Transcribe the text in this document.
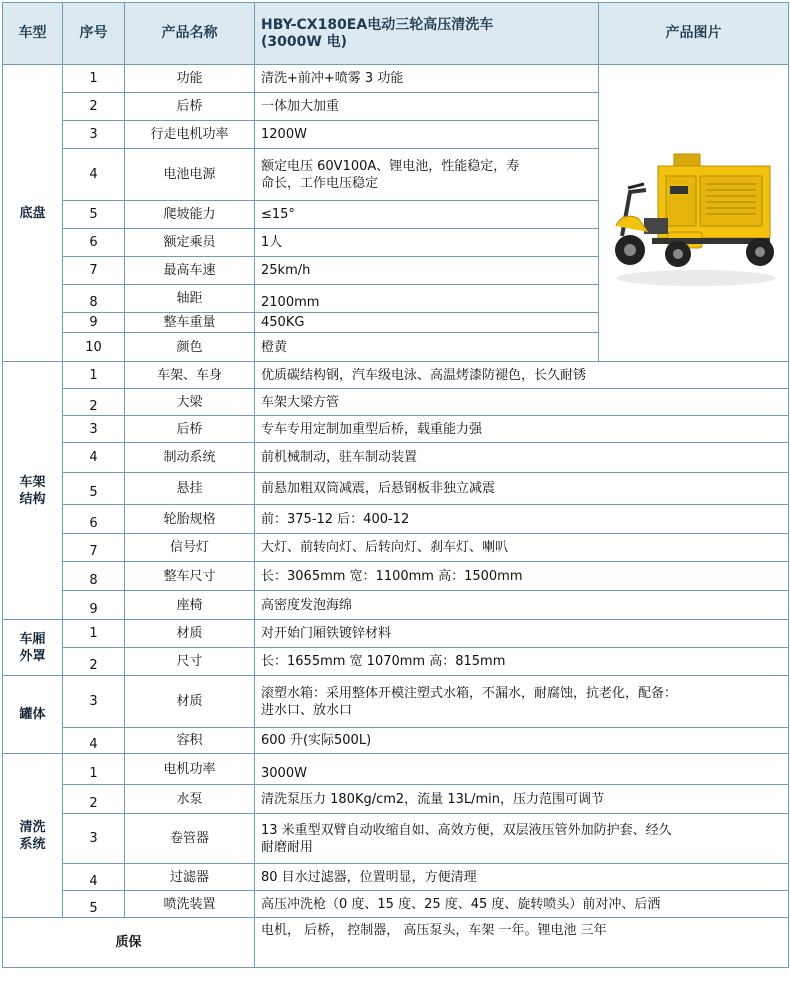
车型	序号	产品名称	HBY-CX180EA电动三轮高压清洗车
(3000W 电)	产品图片
底盘	1	功能	清洗+前冲+喷雾 3 功能	

	2	后桥	一体加大加重	
	3	行走电机功率	1200W	
	4	电池电源	额定电压 60V100A、锂电池，性能稳定，寿
命长，工作电压稳定	
	5	爬坡能力	≤15°	
	6	额定乘员	1人	
	7	最高车速	25km/h	
	8	轴距	2100mm	
	9	整车重量	450KG	
	10	颜色	橙黄	
车架
结构	1	车架、车身	优质碳结构钢，汽车级电泳、高温烤漆防褪色，长久耐锈	
	2	大梁	车架大梁方管	
	3	后桥	专车专用定制加重型后桥，载重能力强	
	4	制动系统	前机械制动，驻车制动装置	
	5	悬挂	前悬加粗双筒减震，后悬钢板非独立减震	
	6	轮胎规格	前：375-12 后：400-12	
	7	信号灯	大灯、前转向灯、后转向灯、刹车灯、喇叭	
	8	整车尺寸	长：3065mm 宽：1100mm 高：1500mm	
	9	座椅	高密度发泡海绵	
车厢
外罩	1	材质	对开始门厢铁镀锌材料	
	2	尺寸	长：1655mm 宽 1070mm 高：815mm	
罐体	3	材质	滚塑水箱：采用整体开模注塑式水箱，不漏水，耐腐蚀，抗老化，配备：
进水口、放水口	
	4	容积	600 升(实际500L)	
清洗
系统	1	电机功率	3000W	
	2	水泵	清洗泵压力 180Kg/cm2，流量 13L/min，压力范围可调节	
	3	卷管器	13 米重型双臂自动收缩自如、高效方便，双层液压管外加防护套、经久
耐磨耐用	
	4	过滤器	80 目水过滤器，位置明显，方便清理	
	5	喷洗装置	高压冲洗枪（0 度、15 度、25 度、45 度、旋转喷头）前对冲、后洒	
质保			电机， 后桥， 控制器， 高压泵头，车架 一年。锂电池 三年	
